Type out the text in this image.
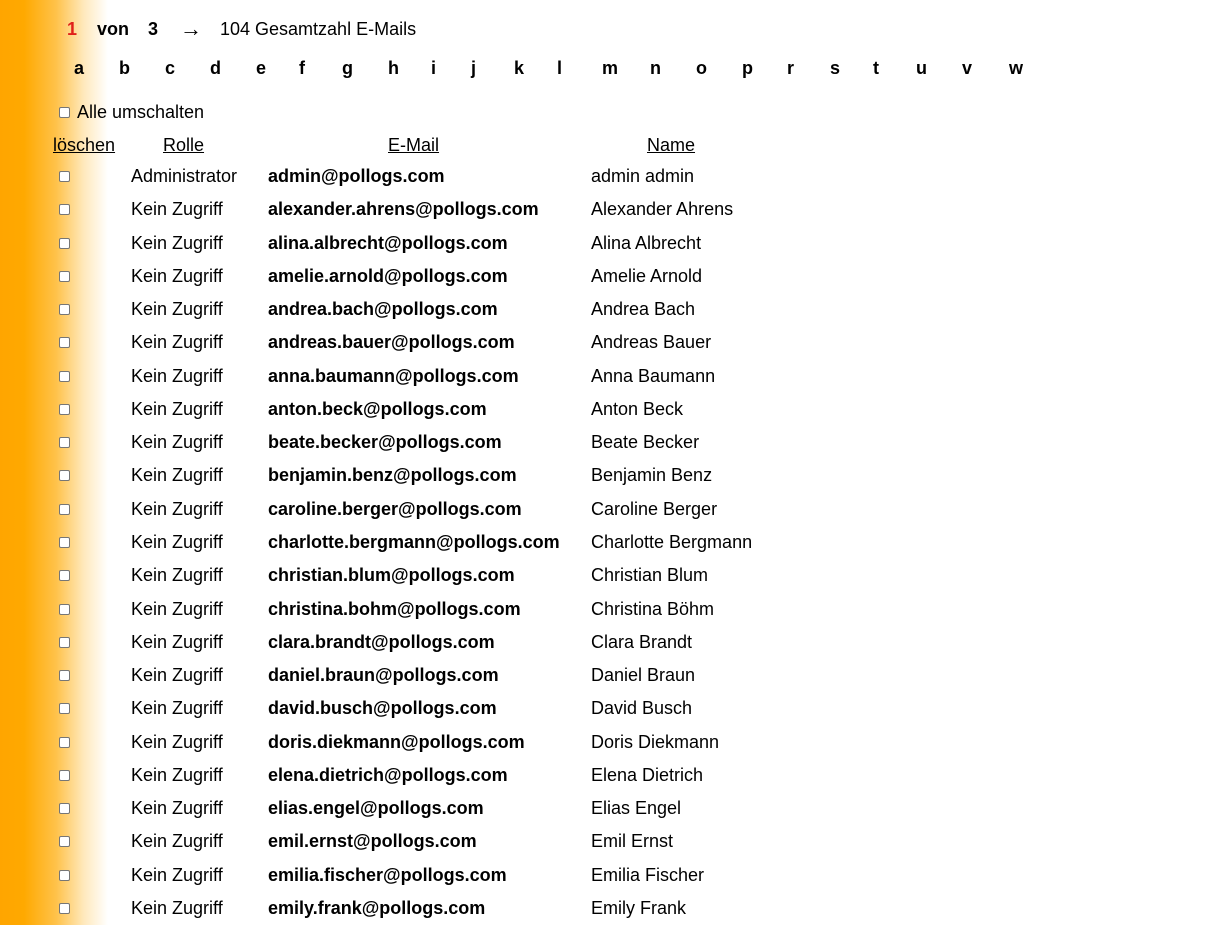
1 von 3 → 104 Gesamtzahl E-Mails
a b c d e f g h i j k l m n o p r s t u v w
Alle umschalten
löschen	Rolle	E-Mail	Name
Administrator admin@pollogs.com	admin admin
Kein Zugriff	alexander.ahrens@pollogs.com	Alexander Ahrens
Kein Zugriff	alina.albrecht@pollogs.com	Alina Albrecht
Kein Zugriff	amelie.arnold@pollogs.com	Amelie Arnold
Kein Zugriff	andrea.bach@pollogs.com	Andrea Bach
Kein Zugriff	andreas.bauer@pollogs.com	Andreas Bauer
Kein Zugriff	anna.baumann@pollogs.com	Anna Baumann
Kein Zugriff	anton.beck@pollogs.com	Anton Beck
Kein Zugriff	beate.becker@pollogs.com	Beate Becker
Kein Zugriff	benjamin.benz@pollogs.com	Benjamin Benz
Kein Zugriff	caroline.berger@pollogs.com	Caroline Berger
Kein Zugriff	charlotte.bergmann@pollogs.com Charlotte Bergmann
Kein Zugriff	christian.blum@pollogs.com	Christian Blum
Kein Zugriff	christina.bohm@pollogs.com	Christina Böhm
Kein Zugriff	clara.brandt@pollogs.com	Clara Brandt
Kein Zugriff	daniel.braun@pollogs.com	Daniel Braun
Kein Zugriff	david.busch@pollogs.com	David Busch
Kein Zugriff	doris.diekmann@pollogs.com	Doris Diekmann
Kein Zugriff	elena.dietrich@pollogs.com	Elena Dietrich
Kein Zugriff	elias.engel@pollogs.com	Elias Engel
Kein Zugriff	emil.ernst@pollogs.com	Emil Ernst
Kein Zugriff	emilia.fischer@pollogs.com	Emilia Fischer
Kein Zugriff	emily.frank@pollogs.com	Emily Frank
